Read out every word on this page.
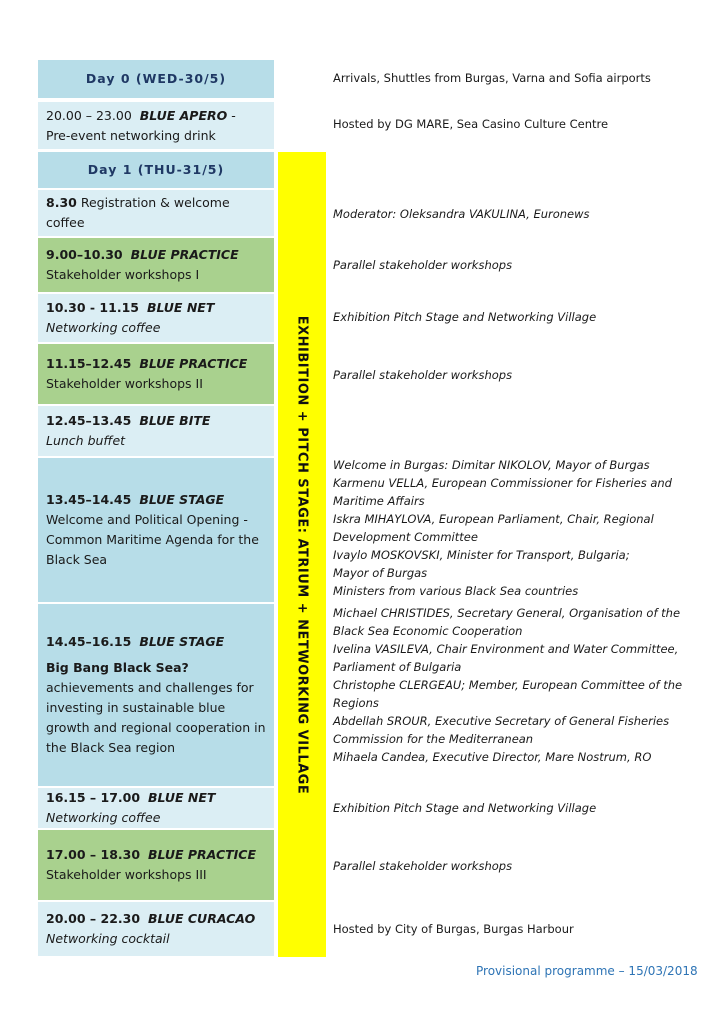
Day 0 (WED-30/5)	Arrivals, Shuttles from Burgas, Varna and Sofia airports
20.00 – 23.00 BLUE APERO -
Pre-event networking drink
Hosted by DG MARE, Sea Casino Culture Centre
Day 1 (THU-31/5)
8.30 Registration & welcome coffee
Moderator: Oleksandra VAKULINA, Euronews
9.00–10.30 BLUE PRACTICE
Stakeholder workshops I
Parallel stakeholder workshops
10.30 - 11.15 BLUE NET
Networking coffee
Exhibition Pitch Stage and Networking Village
11.15–12.45 BLUE PRACTICE
Stakeholder workshops II
Parallel stakeholder workshops
12.45–13.45 BLUE BITE
Lunch buffet
13.45–14.45 BLUE STAGE
Welcome and Political Opening - Common Maritime Agenda for the Black Sea
Welcome in Burgas: Dimitar NIKOLOV, Mayor of Burgas
Karmenu VELLA, European Commissioner for Fisheries and Maritime Affairs
Iskra MIHAYLOVA, European Parliament, Chair, Regional Development Committee
Ivaylo MOSKOVSKI, Minister for Transport, Bulgaria;
Mayor of Burgas
Ministers from various Black Sea countries
14.45–16.15 BLUE STAGE
Big Bang Black Sea? achievements and challenges for investing in sustainable blue growth and regional cooperation in the Black Sea region
Michael CHRISTIDES, Secretary General, Organisation of the Black Sea Economic Cooperation
Ivelina VASILEVA, Chair Environment and Water Committee, Parliament of Bulgaria
Christophe CLERGEAU; Member, European Committee of the Regions
Abdellah SROUR, Executive Secretary of General Fisheries Commission for the Mediterranean
Mihaela Candea, Executive Director, Mare Nostrum, RO
16.15 – 17.00 BLUE NET
Networking coffee
Exhibition Pitch Stage and Networking Village
17.00 – 18.30 BLUE PRACTICE
Stakeholder workshops III
Parallel stakeholder workshops
20.00 – 22.30 BLUE CURACAO
Networking cocktail
Hosted by City of Burgas, Burgas Harbour
EXHIBITION + PITCH STAGE: ATRIUM + NETWORKING VILLAGE
Provisional programme – 15/03/2018
